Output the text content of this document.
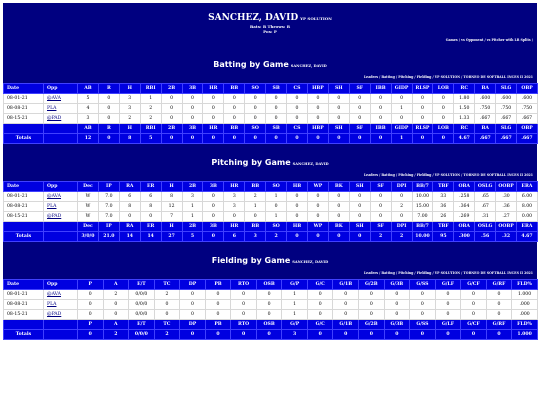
SANCHEZ, DAVID YP SOLUTION
Bats: R Throws: R
Pos: P
Games / vs Opponent / vs Pitcher with LR Splits /
Batting by Game SANCHEZ, DAVID
Leaders / Batting / Pitching / Fielding / YP SOLUTION / TORNEO DE SOFTBALL INCES II 2021
Date	Opp	AB	R	H	RBI	2B	3B	HR	BB	SO	SB	CS	HBP	SH	SF	IBB	GIDP	RLSP	LOB	RC	BA	SLG	OBP
08-01-21	@AVA	5	0	3	1	0	0	0	0	0	0	0	0	0	0	0	0	0	0	1.80	.600	.600	.600
08-08-21	PLA	4	0	3	2	0	0	0	0	0	0	0	0	0	0	0	1	0	0	1.50	.750	.750	.750
08-15-21	@PAD	3	0	2	2	0	0	0	0	0	0	0	0	0	0	0	0	0	0	1.33	.667	.667	.667
		AB	R	H	RBI	2B	3B	HR	BB	SO	SB	CS	HBP	SH	SF	IBB	GIDP	RLSP	LOB	RC	BA	SLG	OBP
Totals		12	0	8	5	0	0	0	0	0	0	0	0	0	0	0	1	0	0	4.67	.667	.667	.667
Pitching by Game SANCHEZ, DAVID
Leaders / Batting / Pitching / Fielding / YP SOLUTION / TORNEO DE SOFTBALL INCES II 2021
Date	Opp	Dec	IP	RA	ER	H	2B	3B	HR	BB	SO	HB	WP	BK	SH	SF	DPI	BB/7	TBF	OBA	OSLG	OOBP	ERA
08-01-21	@AVA	W	7.0	6	6	8	3	0	3	2	1	0	0	0	0	0	0	10.00	33	.258	.65	.30	6.00
08-08-21	PLA	W	7.0	8	8	12	1	0	3	1	0	0	0	0	0	0	2	15.00	36	.364	.67	.36	8.00
08-15-21	@PAD	W	7.0	0	0	7	1	0	0	0	1	0	0	0	0	0	0	7.00	26	.269	.31	.27	0.00
		Dec	IP	RA	ER	H	2B	3B	HR	BB	SO	HB	WP	BK	SH	SF	DPI	BB/7	TBF	OBA	OSLG	OOBP	ERA
Totals		3/0/0	21.0	14	14	27	5	0	6	3	2	0	0	0	0	2	2	10.00	95	.300	.56	.32	4.67
Fielding by Game SANCHEZ, DAVID
Leaders / Batting / Pitching / Fielding / YP SOLUTION / TORNEO DE SOFTBALL INCES II 2021
Date	Opp	P	A	E/T	TC	DP	PB	RTO	OSB	G/P	G/C	G/1B	G/2B	G/3B	G/SS	G/LF	G/CF	G/RF	FLD%
08-01-21	@AVA	0	2	0/0/0	2	0	0	0	0	1	0	0	0	0	0	0	0	0	1.000
08-08-21	PLA	0	0	0/0/0	0	0	0	0	0	1	0	0	0	0	0	0	0	0	.000
08-15-21	@PAD	0	0	0/0/0	0	0	0	0	0	1	0	0	0	0	0	0	0	0	.000
		P	A	E/T	TC	DP	PB	RTO	OSB	G/P	G/C	G/1B	G/2B	G/3B	G/SS	G/LF	G/CF	G/RF	FLD%
Totals		0	2	0/0/0	2	0	0	0	0	3	0	0	0	0	0	0	0	0	1.000
